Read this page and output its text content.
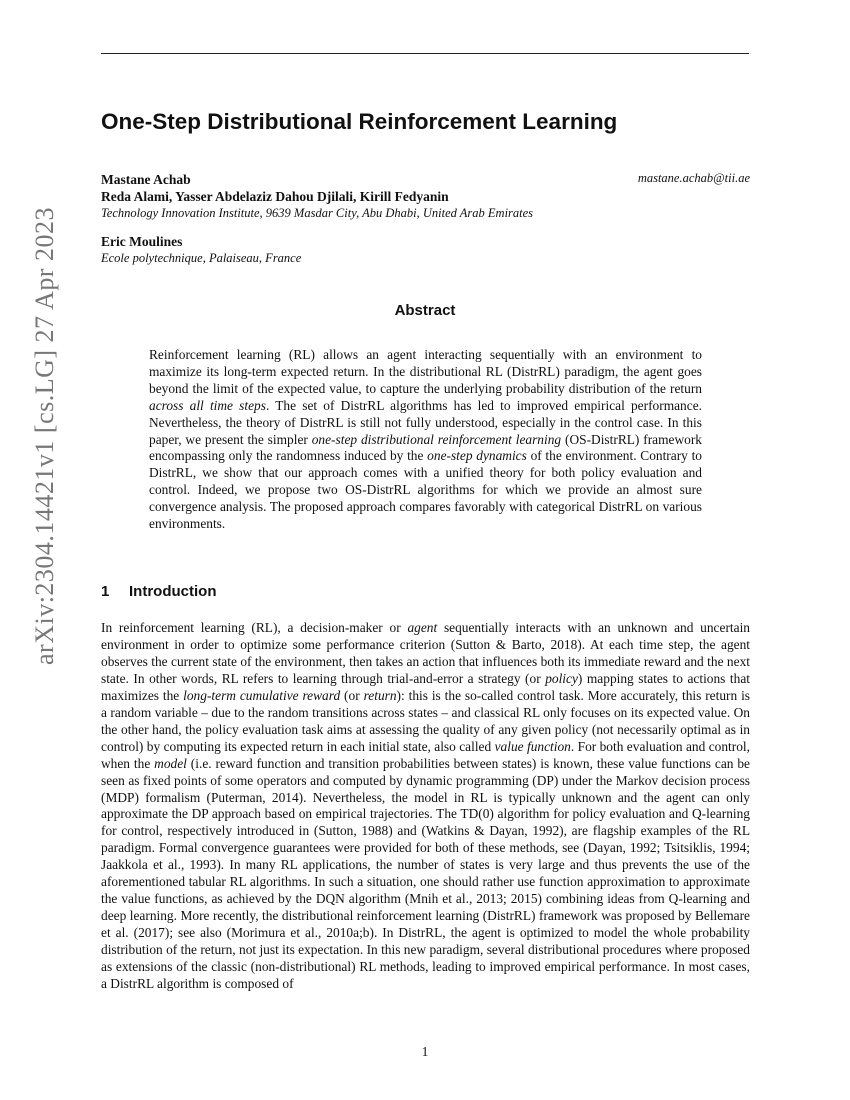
arXiv:2304.14421v1 [cs.LG] 27 Apr 2023
One-Step Distributional Reinforcement Learning
Mastane Achab
Reda Alami, Yasser Abdelaziz Dahou Djilali, Kirill Fedyanin
Technology Innovation Institute, 9639 Masdar City, Abu Dhabi, United Arab Emirates
mastane.achab@tii.ae
Eric Moulines
Ecole polytechnique, Palaiseau, France
Abstract
Reinforcement learning (RL) allows an agent interacting sequentially with an environment to maximize its long-term expected return. In the distributional RL (DistrRL) paradigm, the agent goes beyond the limit of the expected value, to capture the underlying probability distribution of the return across all time steps. The set of DistrRL algorithms has led to improved empirical performance. Nevertheless, the theory of DistrRL is still not fully understood, especially in the control case. In this paper, we present the simpler one-step distributional reinforcement learning (OS-DistrRL) framework encompassing only the randomness induced by the one-step dynamics of the environment. Contrary to DistrRL, we show that our approach comes with a unified theory for both policy evaluation and control. Indeed, we propose two OS-DistrRL algorithms for which we provide an almost sure convergence analysis. The proposed approach compares favorably with categorical DistrRL on various environments.
1 Introduction
In reinforcement learning (RL), a decision-maker or agent sequentially interacts with an unknown and uncertain environment in order to optimize some performance criterion (Sutton & Barto, 2018). At each time step, the agent observes the current state of the environment, then takes an action that influences both its immediate reward and the next state. In other words, RL refers to learning through trial-and-error a strategy (or policy) mapping states to actions that maximizes the long-term cumulative reward (or return): this is the so-called control task. More accurately, this return is a random variable – due to the random transitions across states – and classical RL only focuses on its expected value. On the other hand, the policy evaluation task aims at assessing the quality of any given policy (not necessarily optimal as in control) by computing its expected return in each initial state, also called value function. For both evaluation and control, when the model (i.e. reward function and transition probabilities between states) is known, these value functions can be seen as fixed points of some operators and computed by dynamic programming (DP) under the Markov decision process (MDP) formalism (Puterman, 2014). Nevertheless, the model in RL is typically unknown and the agent can only approximate the DP approach based on empirical trajectories. The TD(0) algorithm for policy evaluation and Q-learning for control, respectively introduced in (Sutton, 1988) and (Watkins & Dayan, 1992), are flagship examples of the RL paradigm. Formal convergence guarantees were provided for both of these methods, see (Dayan, 1992; Tsitsiklis, 1994; Jaakkola et al., 1993). In many RL applications, the number of states is very large and thus prevents the use of the aforementioned tabular RL algorithms. In such a situation, one should rather use function approximation to approximate the value functions, as achieved by the DQN algorithm (Mnih et al., 2013; 2015) combining ideas from Q-learning and deep learning. More recently, the distributional reinforcement learning (DistrRL) framework was proposed by Bellemare et al. (2017); see also (Morimura et al., 2010a;b). In DistrRL, the agent is optimized to model the whole probability distribution of the return, not just its expectation. In this new paradigm, several distributional procedures where proposed as extensions of the classic (non-distributional) RL methods, leading to improved empirical performance. In most cases, a DistrRL algorithm is composed of
1
